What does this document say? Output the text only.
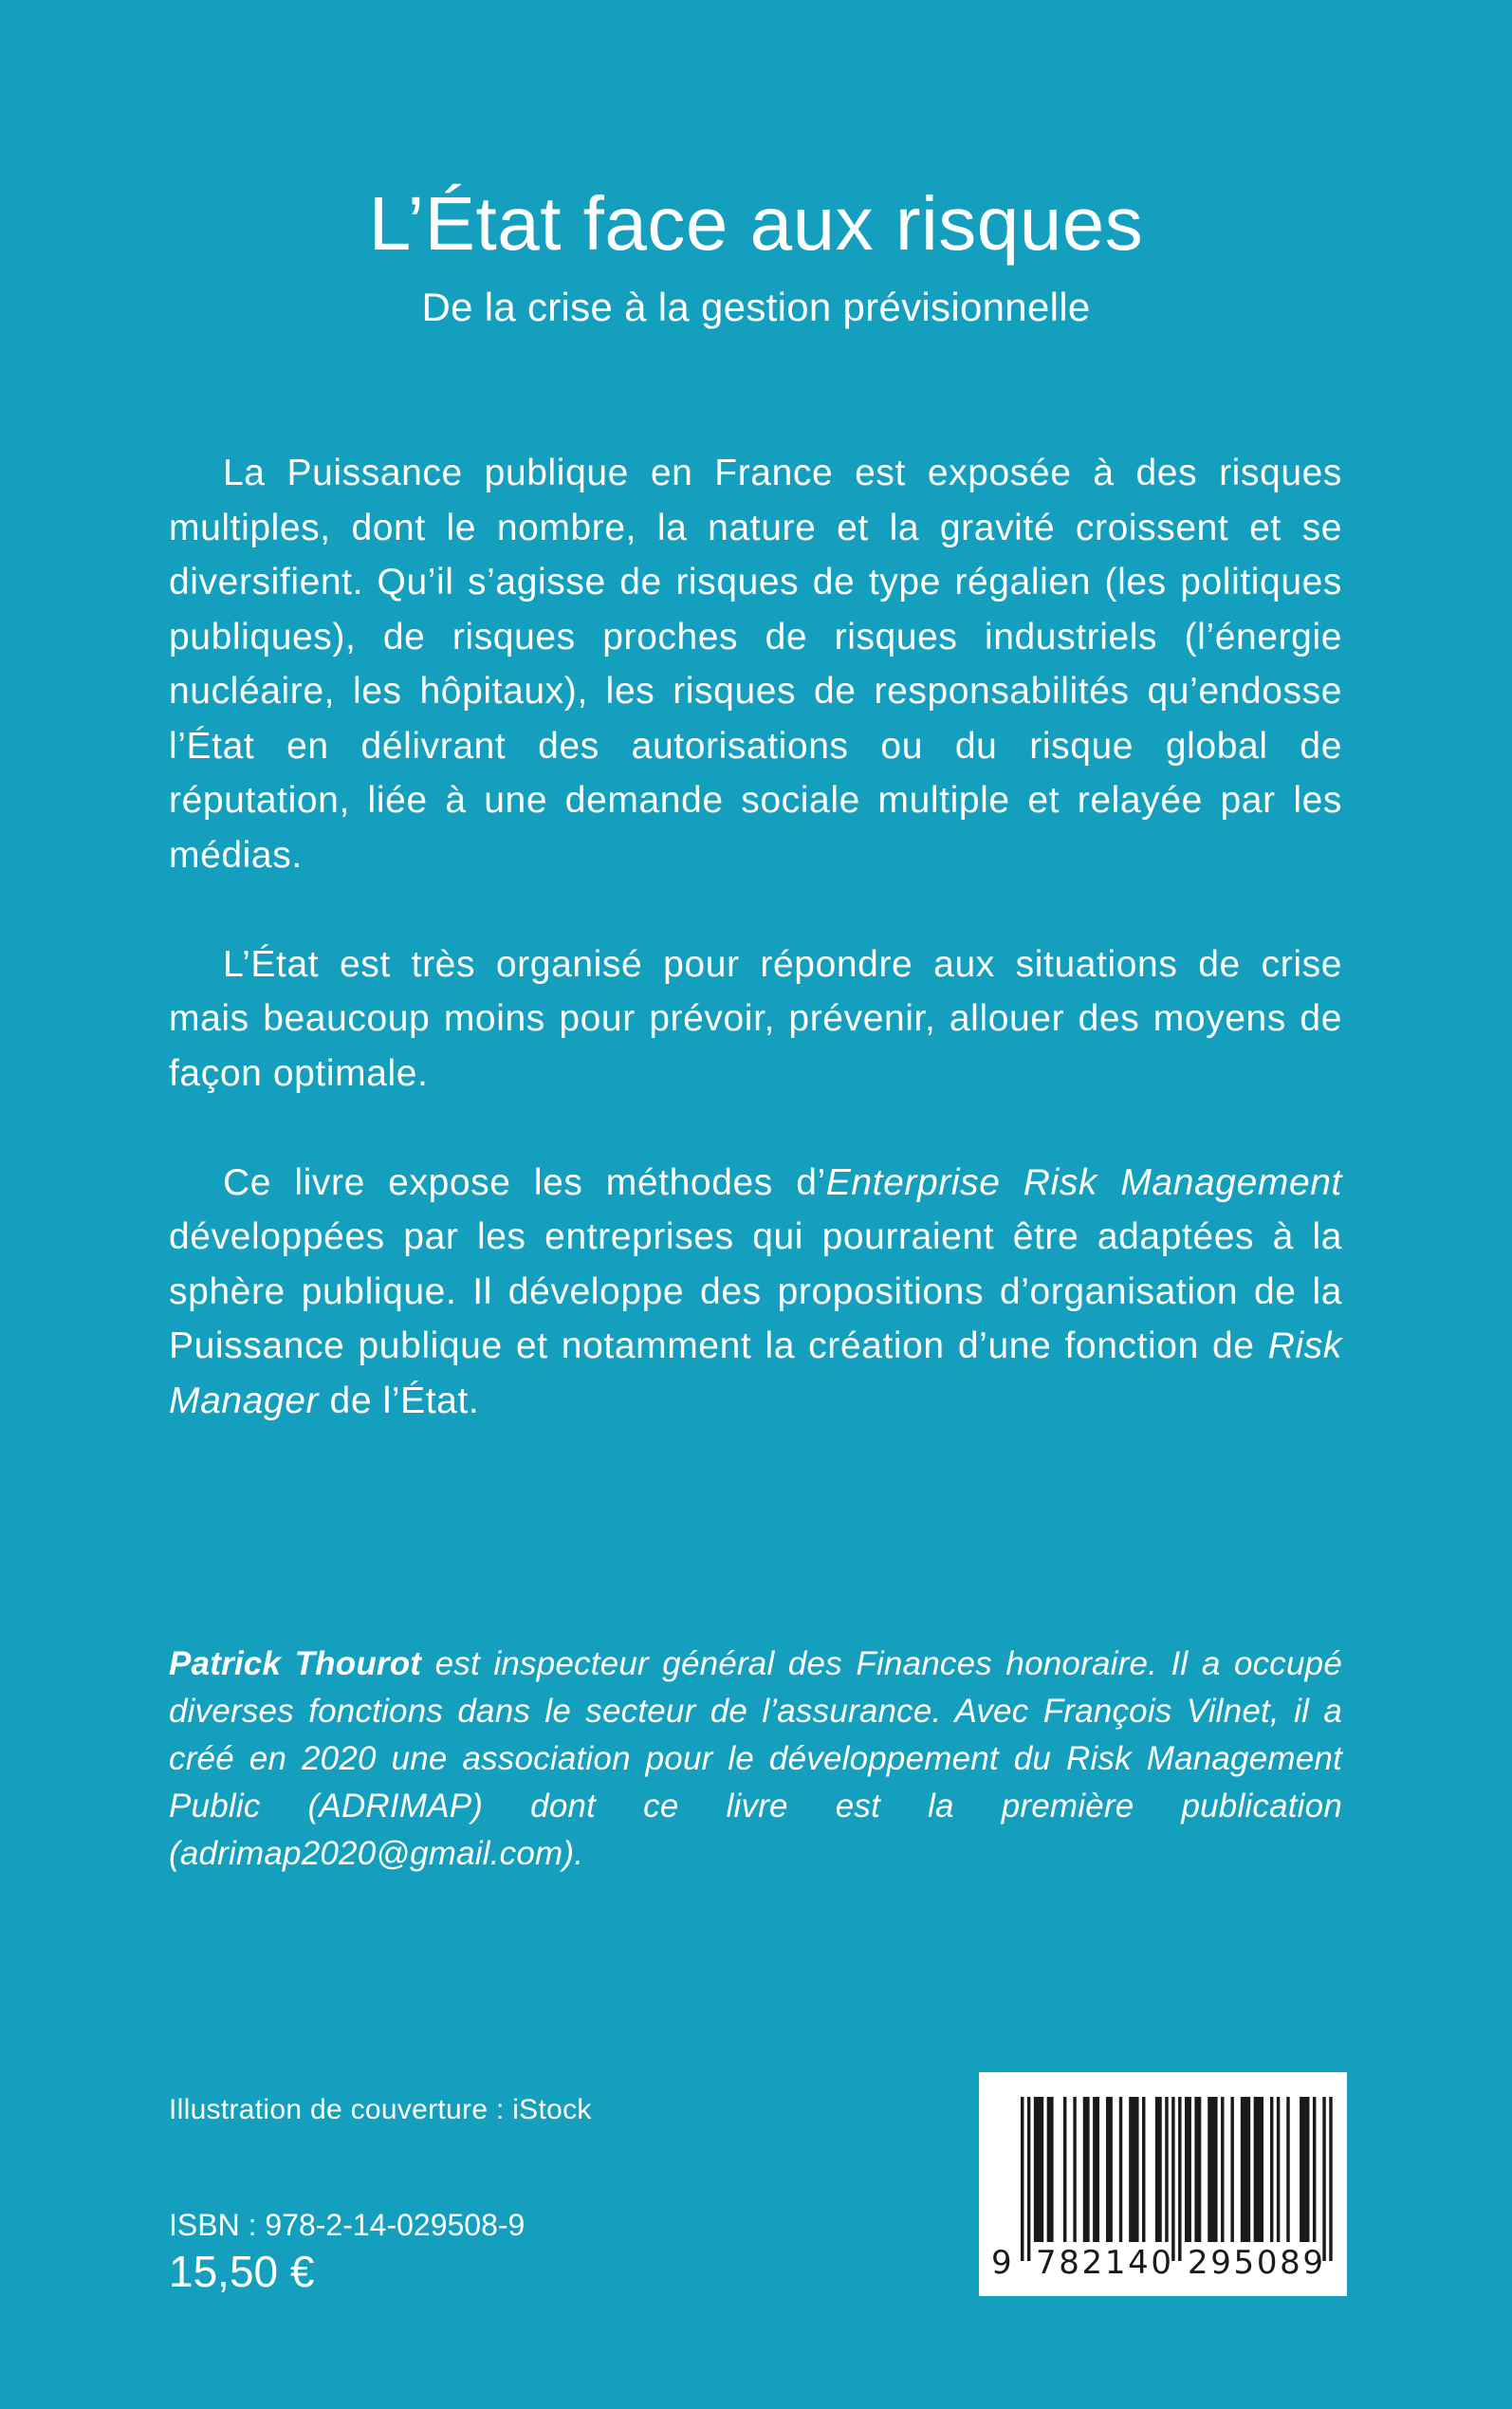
L’État face aux risques
De la crise à la gestion prévisionnelle

La Puissance publique en France est exposée à des risques multiples, dont le nombre, la nature et la gravité croissent et se diversifient. Qu’il s’agisse de risques de type régalien (les politiques publiques), de risques proches de risques industriels (l’énergie nucléaire, les hôpitaux), les risques de responsabilités qu’endosse l’État en délivrant des autorisations ou du risque global de réputation, liée à une demande sociale multiple et relayée par les médias.

L’État est très organisé pour répondre aux situations de crise mais beaucoup moins pour prévoir, prévenir, allouer des moyens de façon optimale.

Ce livre expose les méthodes d’Enterprise Risk Management développées par les entreprises qui pourraient être adaptées à la sphère publique. Il développe des propositions d’organisation de la Puissance publique et notamment la création d’une fonction de Risk Manager de l’État.

Patrick Thourot est inspecteur général des Finances honoraire. Il a occupé diverses fonctions dans le secteur de l’assurance. Avec François Vilnet, il a créé en 2020 une association pour le développement du Risk Management Public (ADRIMAP) dont ce livre est la première publication (adrimap2020@gmail.com).

Illustration de couverture : iStock
ISBN : 978-2-14-029508-9
15,50 €	9 782140 295089
